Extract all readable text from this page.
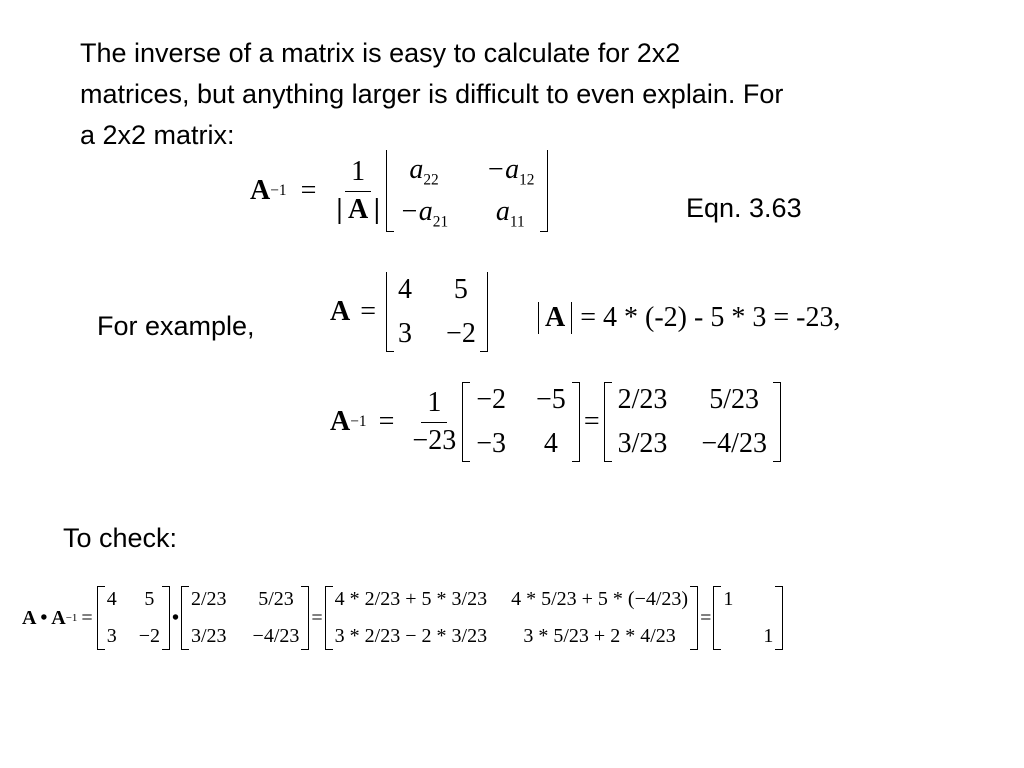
The inverse of a matrix is easy to calculate for 2x2
matrices, but anything larger is difficult to even explain. For
a 2x2 matrix:
$A -1 = \frac{1}{| A |} a_{22} -a_{12}$
$-a_{21}$ $a_{11}$	Eqn. 3.63
For example,	A =
4 5
3 −2
A = 4 * (-2) - 5 * 3 = -23,
$A -1 = \frac{1}{-23} -2 -5$
−3 4
=
2/23 5/23
3/23 −4/23
To check:
A • A −1 =
4 5
3 −2
•
2/23 5/23
3/23 −4/23
=
4 * 2/23 + 5 * 3/23 4 * 5/23 + 5 * (−4/23)
3 * 2/23 − 2 * 3/23 3 * 5/23 + 2 * 4/23
=
1
1
